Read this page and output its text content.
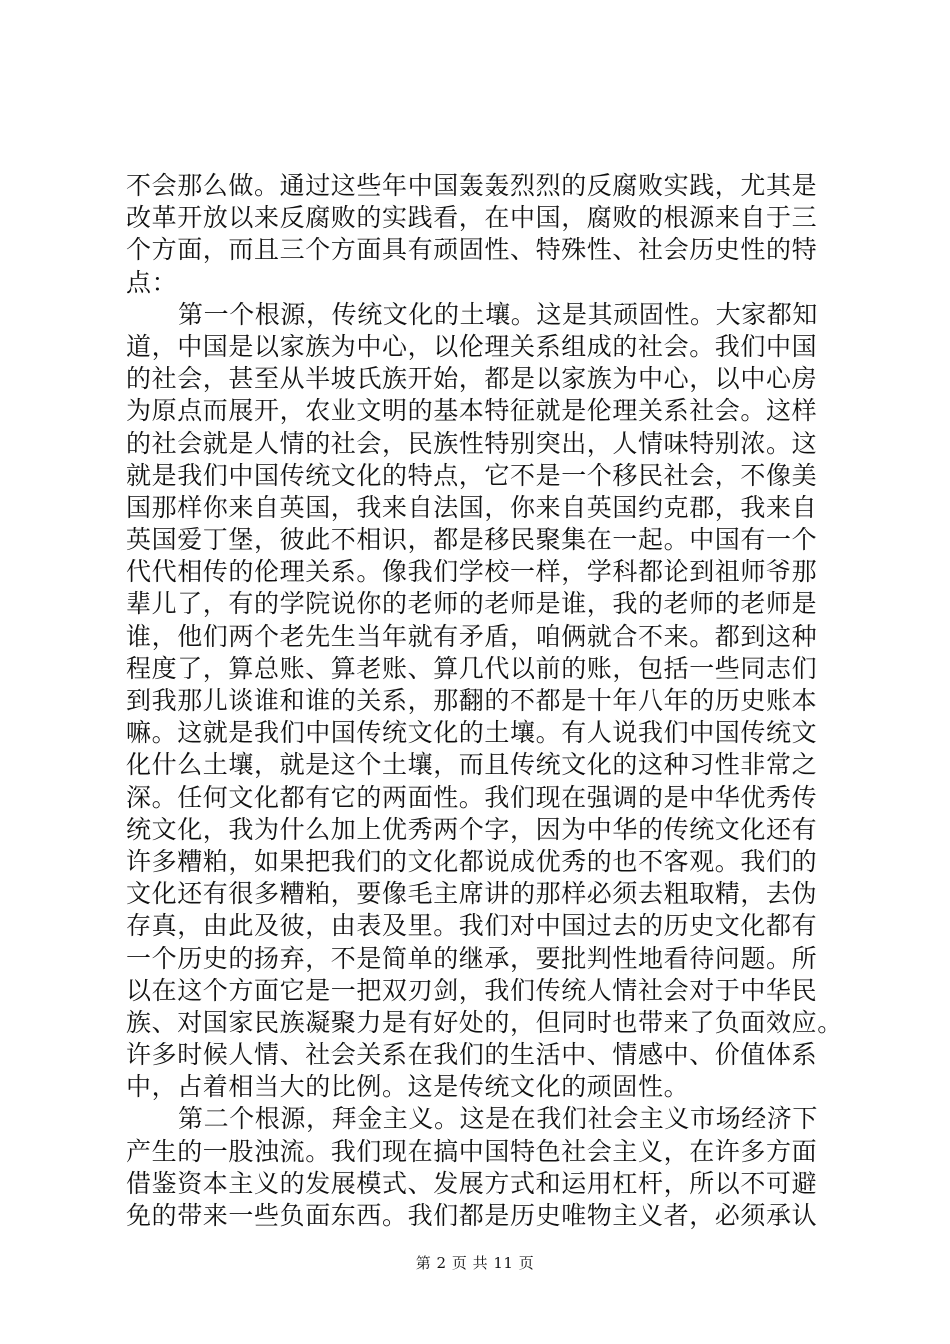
不会那么做。通过这些年中国轰轰烈烈的反腐败实践，尤其是
改革开放以来反腐败的实践看，在中国，腐败的根源来自于三
个方面，而且三个方面具有顽固性、特殊性、社会历史性的特
点：
第一个根源，传统文化的土壤。这是其顽固性。大家都知
道，中国是以家族为中心，以伦理关系组成的社会。我们中国
的社会，甚至从半坡氏族开始，都是以家族为中心，以中心房
为原点而展开，农业文明的基本特征就是伦理关系社会。这样
的社会就是人情的社会，民族性特别突出，人情味特别浓。这
就是我们中国传统文化的特点，它不是一个移民社会，不像美
国那样你来自英国，我来自法国，你来自英国约克郡，我来自
英国爱丁堡，彼此不相识，都是移民聚集在一起。中国有一个
代代相传的伦理关系。像我们学校一样，学科都论到祖师爷那
辈儿了，有的学院说你的老师的老师是谁，我的老师的老师是
谁，他们两个老先生当年就有矛盾，咱俩就合不来。都到这种
程度了，算总账、算老账、算几代以前的账，包括一些同志们
到我那儿谈谁和谁的关系，那翻的不都是十年八年的历史账本
嘛。这就是我们中国传统文化的土壤。有人说我们中国传统文
化什么土壤，就是这个土壤，而且传统文化的这种习性非常之
深。任何文化都有它的两面性。我们现在强调的是中华优秀传
统文化，我为什么加上优秀两个字，因为中华的传统文化还有
许多糟粕，如果把我们的文化都说成优秀的也不客观。我们的
文化还有很多糟粕，要像毛主席讲的那样必须去粗取精，去伪
存真，由此及彼，由表及里。我们对中国过去的历史文化都有
一个历史的扬弃，不是简单的继承，要批判性地看待问题。所
以在这个方面它是一把双刃剑，我们传统人情社会对于中华民
族、对国家民族凝聚力是有好处的，但同时也带来了负面效应。
许多时候人情、社会关系在我们的生活中、情感中、价值体系
中，占着相当大的比例。这是传统文化的顽固性。
第二个根源，拜金主义。这是在我们社会主义市场经济下
产生的一股浊流。我们现在搞中国特色社会主义，在许多方面
借鉴资本主义的发展模式、发展方式和运用杠杆，所以不可避
免的带来一些负面东西。我们都是历史唯物主义者，必须承认
第 2 页 共 11 页
